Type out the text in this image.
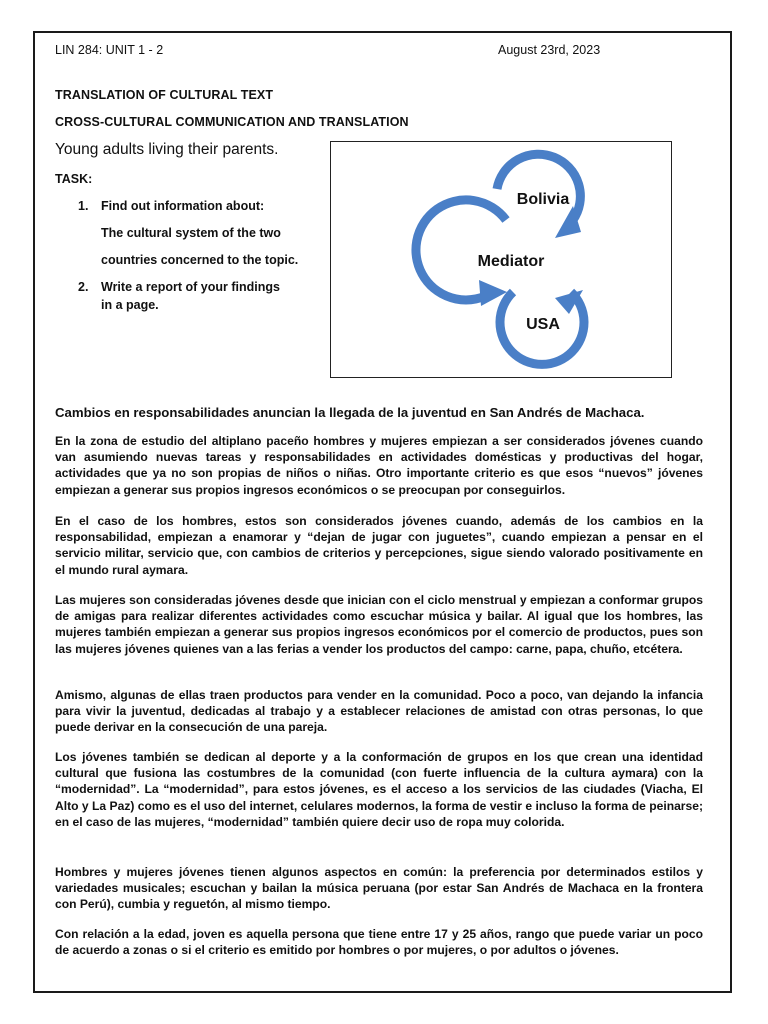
LIN 284: UNIT 1 - 2	August 23rd, 2023
TRANSLATION OF CULTURAL TEXT
CROSS-CULTURAL COMMUNICATION AND TRANSLATION
Young adults living their parents.
TASK:
1. Find out information about:
The cultural system of the two
countries concerned to the topic.
2. Write a report of your findings
in a page.
Bolivia
Mediator
USA
Cambios en responsabilidades anuncian la llegada de la juventud en San Andrés de Machaca.

En la zona de estudio del altiplano paceño hombres y mujeres empiezan a ser considerados jóvenes cuando van asumiendo nuevas tareas y responsabilidades en actividades domésticas y productivas del hogar, actividades que ya no son propias de niños o niñas. Otro importante criterio es que esos “nuevos” jóvenes empiezan a generar sus propios ingresos económicos o se preocupan por conseguirlos.

En el caso de los hombres, estos son considerados jóvenes cuando, además de los cambios en la responsabilidad, empiezan a enamorar y “dejan de jugar con juguetes”, cuando empiezan a pensar en el servicio militar, servicio que, con cambios de criterios y percepciones, sigue siendo valorado positivamente en el mundo rural aymara.

Las mujeres son consideradas jóvenes desde que inician con el ciclo menstrual y empiezan a conformar grupos de amigas para realizar diferentes actividades como escuchar música y bailar. Al igual que los hombres, las mujeres también empiezan a generar sus propios ingresos económicos por el comercio de productos, pues son las mujeres jóvenes quienes van a las ferias a vender los productos del campo: carne, papa, chuño, etcétera.

Amismo, algunas de ellas traen productos para vender en la comunidad. Poco a poco, van dejando la infancia para vivir la juventud, dedicadas al trabajo y a establecer relaciones de amistad con otras personas, lo que puede derivar en la consecución de una pareja.

Los jóvenes también se dedican al deporte y a la conformación de grupos en los que crean una identidad cultural que fusiona las costumbres de la comunidad (con fuerte influencia de la cultura aymara) con la “modernidad”. La “modernidad”, para estos jóvenes, es el acceso a los servicios de las ciudades (Viacha, El Alto y La Paz) como es el uso del internet, celulares modernos, la forma de vestir e incluso la forma de peinarse; en el caso de las mujeres, “modernidad” también quiere decir uso de ropa muy colorida.

Hombres y mujeres jóvenes tienen algunos aspectos en común: la preferencia por determinados estilos y variedades musicales; escuchan y bailan la música peruana (por estar San Andrés de Machaca en la frontera con Perú), cumbia y reguetón, al mismo tiempo.

Con relación a la edad, joven es aquella persona que tiene entre 17 y 25 años, rango que puede variar un poco de acuerdo a zonas o si el criterio es emitido por hombres o por mujeres, o por adultos o jóvenes.
